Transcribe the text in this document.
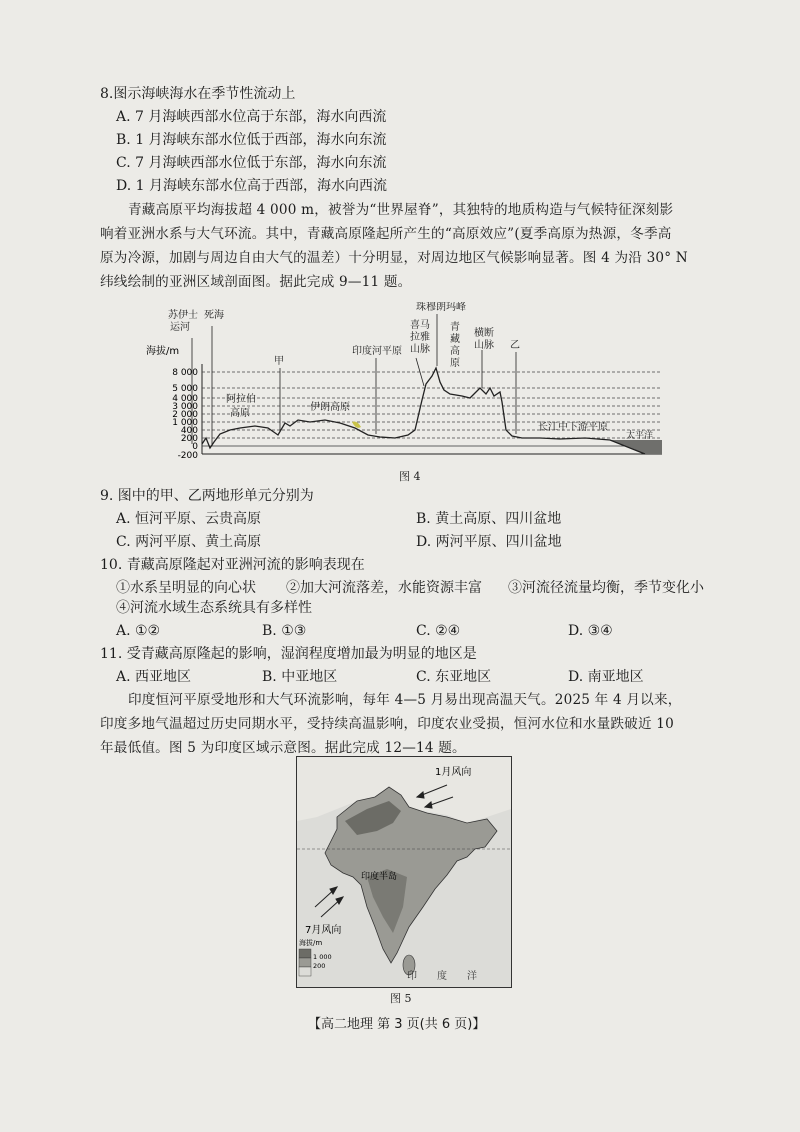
8.图示海峡海水在季节性流动上
A. 7 月海峡西部水位高于东部，海水向西流
B. 1 月海峡东部水位低于西部，海水向东流
C. 7 月海峡西部水位低于东部，海水向东流
D. 1 月海峡东部水位高于西部，海水向西流
青藏高原平均海拔超 4 000 m，被誉为“世界屋脊”，其独特的地质构造与气候特征深刻影
响着亚洲水系与大气环流。其中，青藏高原隆起所产生的“高原效应”(夏季高原为热源，冬季高
原为冷源，加剧与周边自由大气的温差）十分明显，对周边地区气候影响显著。图 4 为沿 30° N
纬线绘制的亚洲区域剖面图。据此完成 9—11 题。
8 000
5 000
4 000
3 000
2 000
1 000
400
200
0
-200
海拔/m
苏伊士
运河
死海
甲
阿拉伯
高原
伊朗高原
印度河平原
珠穆朗玛峰
喜马
拉雅
山脉
青
藏
高
原
横断
山脉 乙
长江中下游平原
太平洋
图 4
9. 图中的甲、乙两地形单元分别为
A. 恒河平原、云贵高原	B. 黄土高原、四川盆地
C. 两河平原、黄土高原	D. 两河平原、四川盆地
10. 青藏高原隆起对亚洲河流的影响表现在
①水系呈明显的向心状 ②加大河流落差，水能资源丰富 ③河流径流量均衡，季节变化小
④河流水域生态系统具有多样性
A. ①②	B. ①③	C. ②④	D. ③④
11. 受青藏高原隆起的影响，湿润程度增加最为明显的地区是
A. 西亚地区	B. 中亚地区	C. 东亚地区	D. 南亚地区
印度恒河平原受地形和大气环流影响，每年 4—5 月易出现高温天气。2025 年 4 月以来，
印度多地气温超过历史同期水平，受持续高温影响，印度农业受损，恒河水位和水量跌破近 10
年最低值。图 5 为印度区域示意图。据此完成 12—14 题。
1月风向
7月风向
印度半岛
印 度 洋
海拔/m
1 000
200
图 5
【高二地理 第 3 页(共 6 页)】
